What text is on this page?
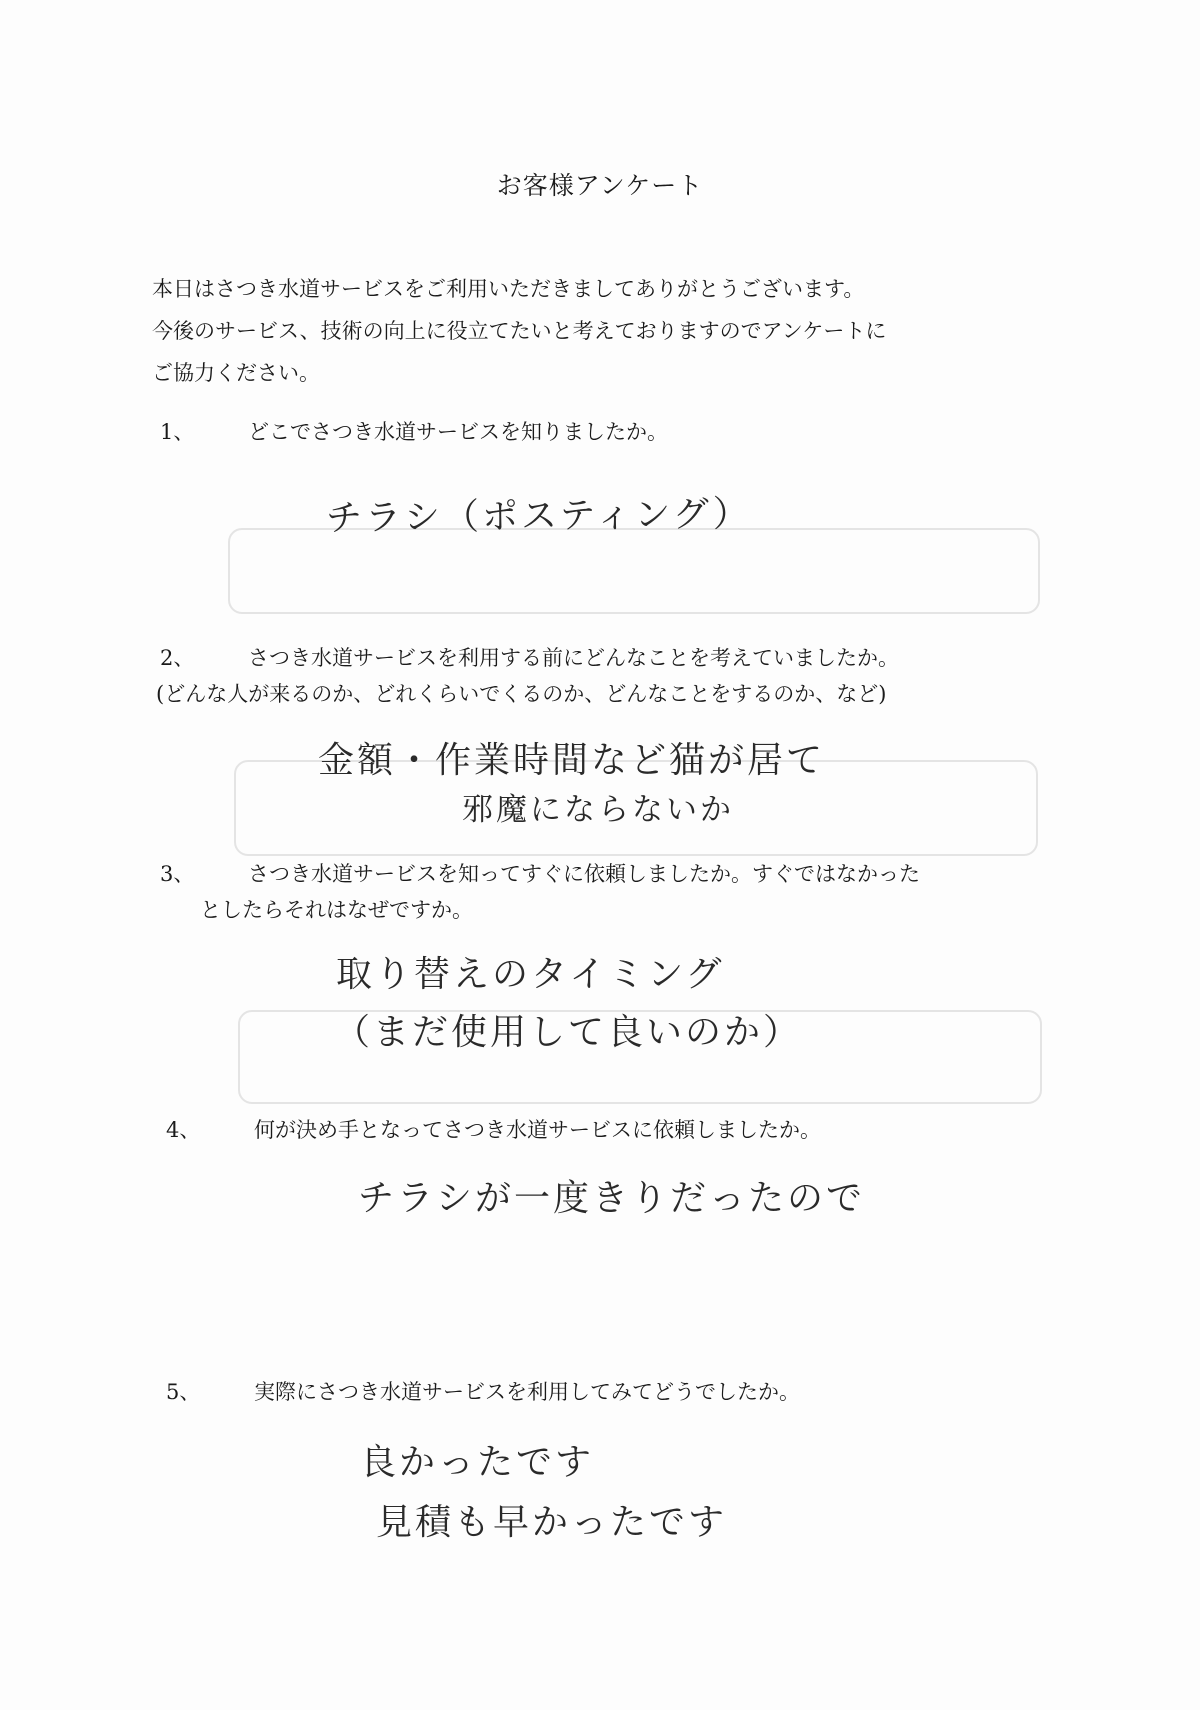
お客様アンケート
本日はさつき水道サービスをご利用いただきましてありがとうございます。
今後のサービス、技術の向上に役立てたいと考えておりますのでアンケートに
ご協力ください。
1、	どこでさつき水道サービスを知りましたか。
チラシ（ポスティング）
2、	さつき水道サービスを利用する前にどんなことを考えていましたか。
(どんな人が来るのか、どれくらいでくるのか、どんなことをするのか、など)
金額・作業時間など猫が居て
邪魔にならないか
3、	さつき水道サービスを知ってすぐに依頼しましたか。すぐではなかった
としたらそれはなぜですか。
取り替えのタイミング
（まだ使用して良いのか）
4、	何が決め手となってさつき水道サービスに依頼しましたか。
チラシが一度きりだったので
5、	実際にさつき水道サービスを利用してみてどうでしたか。
良かったです
見積も早かったです
